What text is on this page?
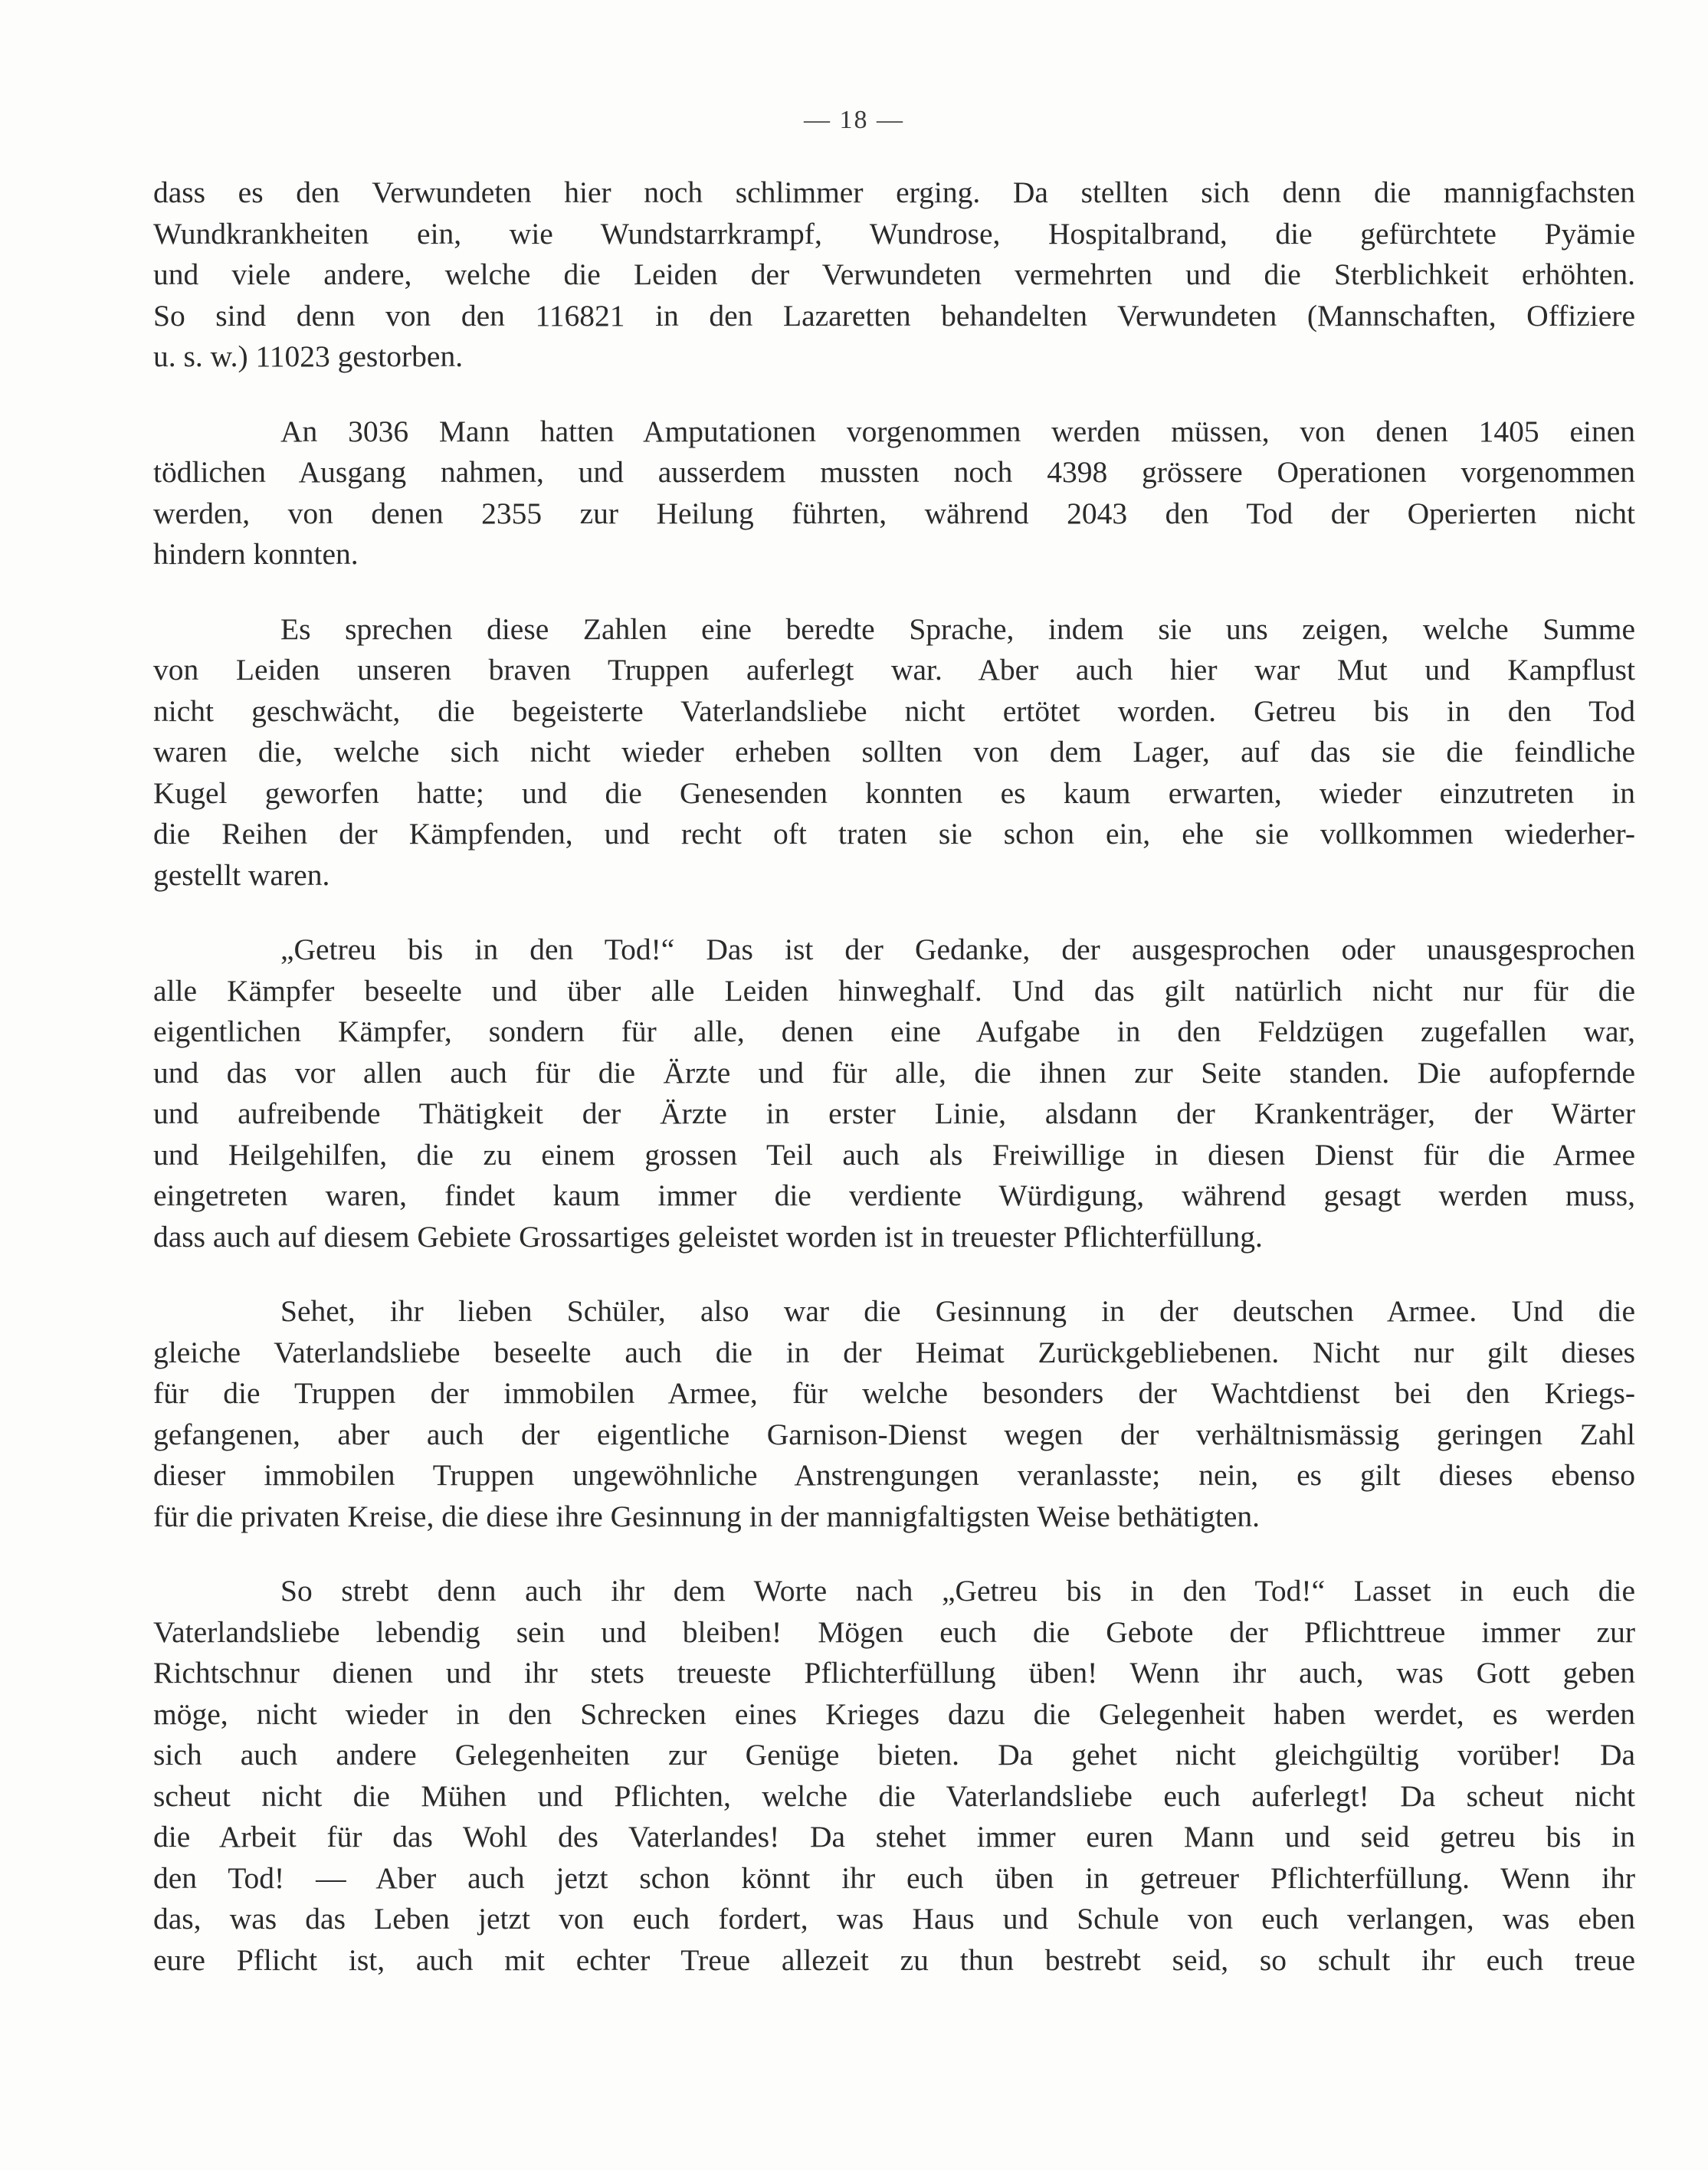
— 18 —
dass es den Verwundeten hier noch schlimmer erging. Da stellten sich denn die mannigfachsten
Wundkrankheiten ein, wie Wundstarrkrampf, Wundrose, Hospitalbrand, die gefürchtete Pyämie
und viele andere, welche die Leiden der Verwundeten vermehrten und die Sterblichkeit erhöhten.
So sind denn von den 116821 in den Lazaretten behandelten Verwundeten (Mannschaften, Offiziere
u. s. w.) 11023 gestorben.
An 3036 Mann hatten Amputationen vorgenommen werden müssen, von denen 1405 einen
tödlichen Ausgang nahmen, und ausserdem mussten noch 4398 grössere Operationen vorgenommen
werden, von denen 2355 zur Heilung führten, während 2043 den Tod der Operierten nicht
hindern konnten.
Es sprechen diese Zahlen eine beredte Sprache, indem sie uns zeigen, welche Summe
von Leiden unseren braven Truppen auferlegt war. Aber auch hier war Mut und Kampflust
nicht geschwächt, die begeisterte Vaterlandsliebe nicht ertötet worden. Getreu bis in den Tod
waren die, welche sich nicht wieder erheben sollten von dem Lager, auf das sie die feindliche
Kugel geworfen hatte; und die Genesenden konnten es kaum erwarten, wieder einzutreten in
die Reihen der Kämpfenden, und recht oft traten sie schon ein, ehe sie vollkommen wiederher-
gestellt waren.
„Getreu bis in den Tod!“ Das ist der Gedanke, der ausgesprochen oder unausgesprochen
alle Kämpfer beseelte und über alle Leiden hinweghalf. Und das gilt natürlich nicht nur für die
eigentlichen Kämpfer, sondern für alle, denen eine Aufgabe in den Feldzügen zugefallen war,
und das vor allen auch für die Ärzte und für alle, die ihnen zur Seite standen. Die aufopfernde
und aufreibende Thätigkeit der Ärzte in erster Linie, alsdann der Krankenträger, der Wärter
und Heilgehilfen, die zu einem grossen Teil auch als Freiwillige in diesen Dienst für die Armee
eingetreten waren, findet kaum immer die verdiente Würdigung, während gesagt werden muss,
dass auch auf diesem Gebiete Grossartiges geleistet worden ist in treuester Pflichterfüllung.
Sehet, ihr lieben Schüler, also war die Gesinnung in der deutschen Armee. Und die
gleiche Vaterlandsliebe beseelte auch die in der Heimat Zurückgebliebenen. Nicht nur gilt dieses
für die Truppen der immobilen Armee, für welche besonders der Wachtdienst bei den Kriegs-
gefangenen, aber auch der eigentliche Garnison-Dienst wegen der verhältnismässig geringen Zahl
dieser immobilen Truppen ungewöhnliche Anstrengungen veranlasste; nein, es gilt dieses ebenso
für die privaten Kreise, die diese ihre Gesinnung in der mannigfaltigsten Weise bethätigten.
So strebt denn auch ihr dem Worte nach „Getreu bis in den Tod!“ Lasset in euch die
Vaterlandsliebe lebendig sein und bleiben! Mögen euch die Gebote der Pflichttreue immer zur
Richtschnur dienen und ihr stets treueste Pflichterfüllung üben! Wenn ihr auch, was Gott geben
möge, nicht wieder in den Schrecken eines Krieges dazu die Gelegenheit haben werdet, es werden
sich auch andere Gelegenheiten zur Genüge bieten. Da gehet nicht gleichgültig vorüber! Da
scheut nicht die Mühen und Pflichten, welche die Vaterlandsliebe euch auferlegt! Da scheut nicht
die Arbeit für das Wohl des Vaterlandes! Da stehet immer euren Mann und seid getreu bis in
den Tod! — Aber auch jetzt schon könnt ihr euch üben in getreuer Pflichterfüllung. Wenn ihr
das, was das Leben jetzt von euch fordert, was Haus und Schule von euch verlangen, was eben
eure Pflicht ist, auch mit echter Treue allezeit zu thun bestrebt seid, so schult ihr euch treue
